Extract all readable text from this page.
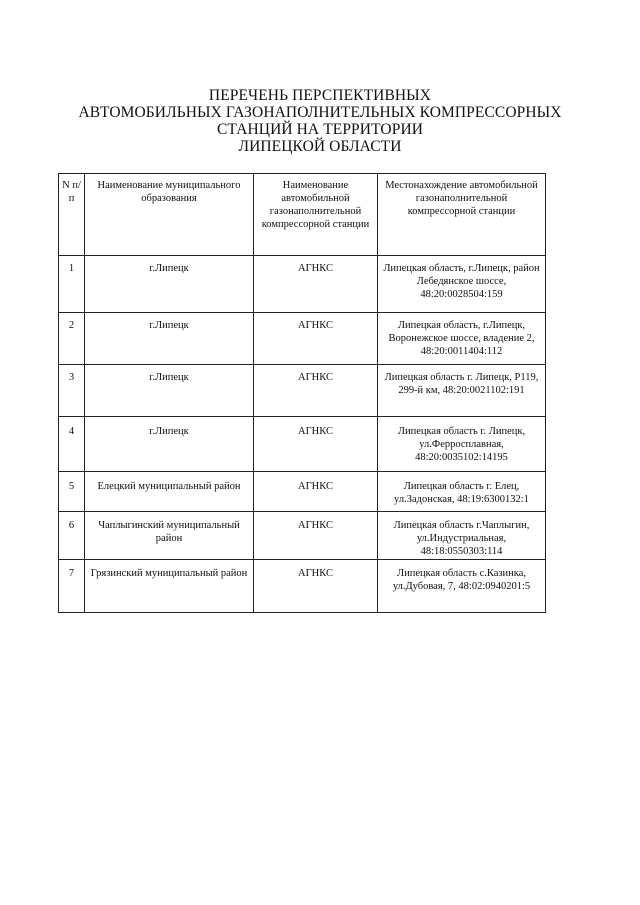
ПЕРЕЧЕНЬ ПЕРСПЕКТИВНЫХ
АВТОМОБИЛЬНЫХ ГАЗОНАПОЛНИТЕЛЬНЫХ КОМПРЕССОРНЫХ
СТАНЦИЙ НА ТЕРРИТОРИИ
ЛИПЕЦКОЙ ОБЛАСТИ
N п/п	Наименование муниципального образования	Наименование автомобильной газонаполнительной компрессорной станции	Местонахождение автомобильной газонаполнительной компрессорной станции
1	г.Липецк	АГНКС	Липецкая область, г.Липецк, район Лебедянское шоссе, 48:20:0028504:159
2	г.Липецк	АГНКС	Липецкая область, г.Липецк, Воронежское шоссе, владение 2, 48:20:0011404:112
3	г.Липецк	АГНКС	Липецкая область г. Липецк, Р119, 299-й км, 48:20:0021102:191
4	г.Липецк	АГНКС	Липецкая область г. Липецк, ул.Ферросплавная, 48:20:0035102:14195
5	Елецкий муниципальный район	АГНКС	Липецкая область г. Елец, ул.Задонская, 48:19:6300132:1
6	Чаплыгинский муниципальный район	АГНКС	Липецкая область г.Чаплыгин, ул.Индустриальная, 48:18:0550303:114
7	Грязинский муниципальный район	АГНКС	Липецкая область с.Казинка, ул.Дубовая, 7, 48:02:0940201:5
